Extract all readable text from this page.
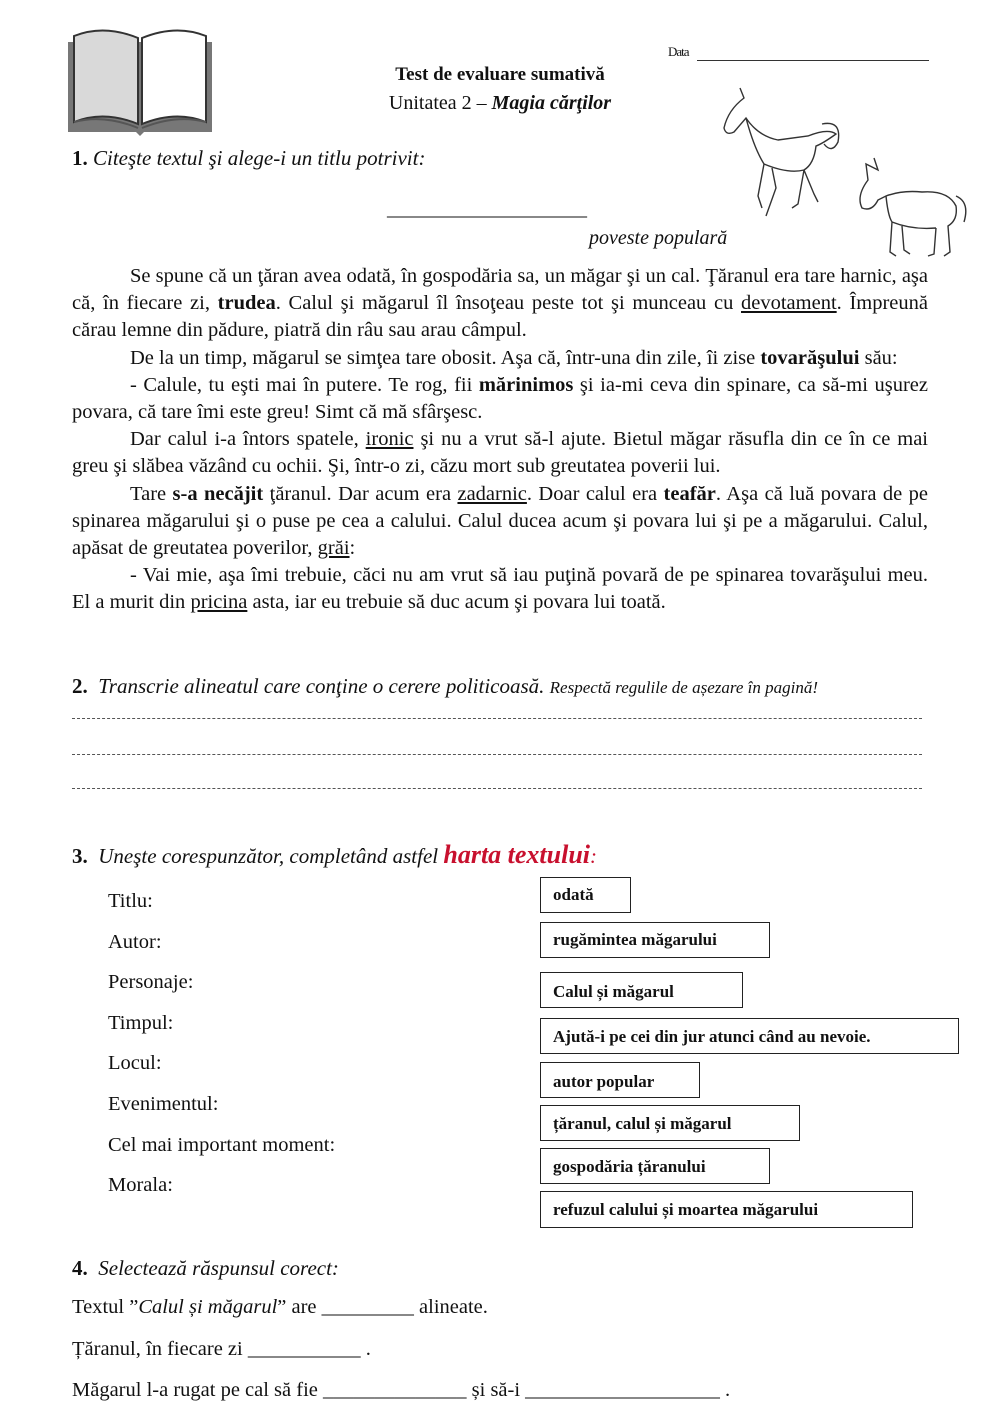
Data
Test de evaluare sumativă
Unitatea 2 – Magia cărţilor
1. Citeşte textul şi alege-i un titlu potrivit:
____________________
poveste populară

Se spune că un ţăran avea odată, în gospodăria sa, un măgar şi un cal. Ţăranul era tare harnic, aşa că, în fiecare zi, trudea. Calul şi măgarul îl însoţeau peste tot şi munceau cu devotament. Împreună cărau lemne din pădure, piatră din râu sau arau câmpul.

De la un timp, măgarul se simţea tare obosit. Aşa că, într-una din zile, îi zise tovarăşului său:

- Calule, tu eşti mai în putere. Te rog, fii mărinimos şi ia-mi ceva din spinare, ca să-mi uşurez povara, că tare îmi este greu! Simt că mă sfârşesc.

Dar calul i-a întors spatele, ironic şi nu a vrut să-l ajute. Bietul măgar răsufla din ce în ce mai greu şi slăbea văzând cu ochii. Şi, într-o zi, căzu mort sub greutatea poverii lui.

Tare s-a necăjit ţăranul. Dar acum era zadarnic. Doar calul era teafăr. Aşa că luă povara de pe spinarea măgarului şi o puse pe cea a calului. Calul ducea acum şi povara lui şi pe a măgarului. Calul, apăsat de greutatea poverilor, grăi:

- Vai mie, aşa îmi trebuie, căci nu am vrut să iau puţină povară de pe spinarea tovarăşului meu. El a murit din pricina asta, iar eu trebuie să duc acum şi povara lui toată.

2. Transcrie alineatul care conţine o cerere politicoasă. Respectă regulile de așezare în pagină!
3. Uneşte corespunzător, completând astfel harta textului:
Titlu:
Autor:
Personaje:
Timpul:
Locul:
Evenimentul:
Cel mai important moment:
Morala:
odată
rugămintea măgarului
Calul și măgarul
Ajută-i pe cei din jur atunci când au nevoie.
autor popular
țăranul, calul și măgarul
gospodăria țăranului
refuzul calului și moartea măgarului
4. Selectează răspunsul corect:
Textul ”Calul și măgarul” are _________ alineate.
Țăranul, în fiecare zi ___________ .
Măgarul l-a rugat pe cal să fie ______________ și să-i ___________________ .
